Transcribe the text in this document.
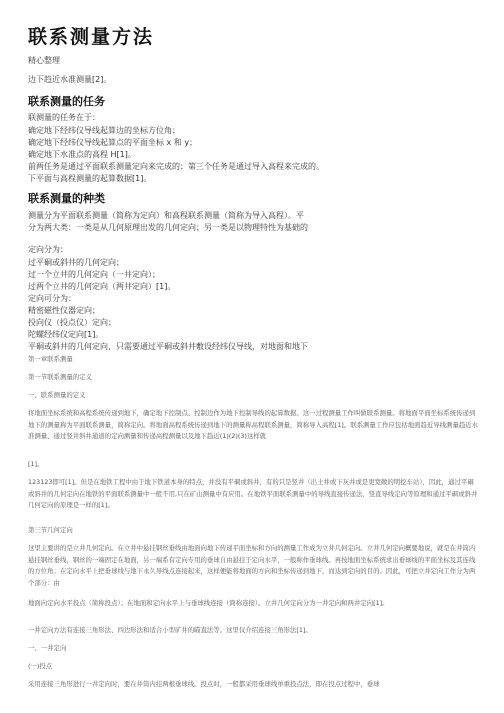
联系测量方法
精心整理
边下趋近水准测量[2]。
联系测量的任务
联测量的任务在于：
确定地下经纬仪导线起算边的坐标方位角；
确定地下经纬仪导线起算点的平面坐标 x 和 y；
确定地下水准点的高程 H[1]。
前两任务是通过平面联系测量定向来完成的；第三个任务是通过导入高程来完成的。
下平面与高程测量的起算数据[1]。
联系测量的种类
测量分为平面联系测量（简称为定向）和高程联系测量（简称为导入高程）。平
分为两大类：一类是从几何原理出发的几何定向；另一类是以物理特性为基础的
定向分为：
过平硐或斜井的几何定向；
过一个立井的几何定向（一井定向）；
过两个立井的几何定向（两井定向）[1]。
定向可分为：
精密磁性仪器定向；
投向仪（投点仪）定向；
陀螺经纬仪定向[1]。
平硐或斜井的几何定向，只需要通过平硐或斜井敷设经纬仪导线，对地面和地下
第一章联系测量
第一节联系测量的定义
一、联系测量的定义

将地面坐标系统和高程系统传递到地下，确定地下控制点、控制边作为地下控制导线的起算数据。这一过程测量工作叫做联系测量。将地面平面坐标系统传递到地下的测量称为平面联系测量，简称定向。将地面高程系统传递到地下的测量称高程联系测量，简称导入高程[1]。联系测量工作应包括地面趋近导线测量趋近水准测量、通过竖井斜井通道的定向测量和传递高程测量以及地下趋近(1)(2)(3)这样就

[1]。

123123即可[1]。但是在地铁工程中由于地下铁道本身的特点，并没有平硐或斜井，有的只是竖井（出土井或下灰井或是更宽敞的明挖车站），因此，通过平硐或斜井的几何定向在地铁的平面联系测量中一般不用,只在矿山测量中有应用。在地铁平面联系测量中的导线直接传递法、竖直导线定向等原理和通过平硐或斜井几何定向的原理是一样的[1]。

第三节几何定向

这里主要讲的是立井几何定向。在立井中悬挂钢丝垂线由地面向地下传递平面坐标和方向的测量工作成为立井几何定向。立井几何定向概要地说，就是在井筒内悬挂钢丝垂线，钢丝的一端固定在地面，另一端系有定向专用的垂球自由悬挂于定向水平，一般称作垂球线。再按地面坐标系统求出垂球线的平面坐标及其连线的方位角；在定向水平上把垂球线与地下永久导线点连接起来，这样便能将地面的方向和坐标传递到地下，而达到定向的目的。因此，可把立井定向工作分为两个部分：由

地面向定向水平投点（简称投点）；在地面和定向水平上与垂球线连接（简称连接）。立井几何定向分为一井定向和两井定向[1]。

一井定向方法有连接三角形法、四边形法和适合小型矿井的瞄直法等。这里仅介绍连接三角形法[1]。
一、一井定向
(一)投点
采用连接三角形进行一井定向时，要在井筒内挂两根垂球线。投点时，一般都采用垂球线单重投点法，即在投点过程中，垂球
